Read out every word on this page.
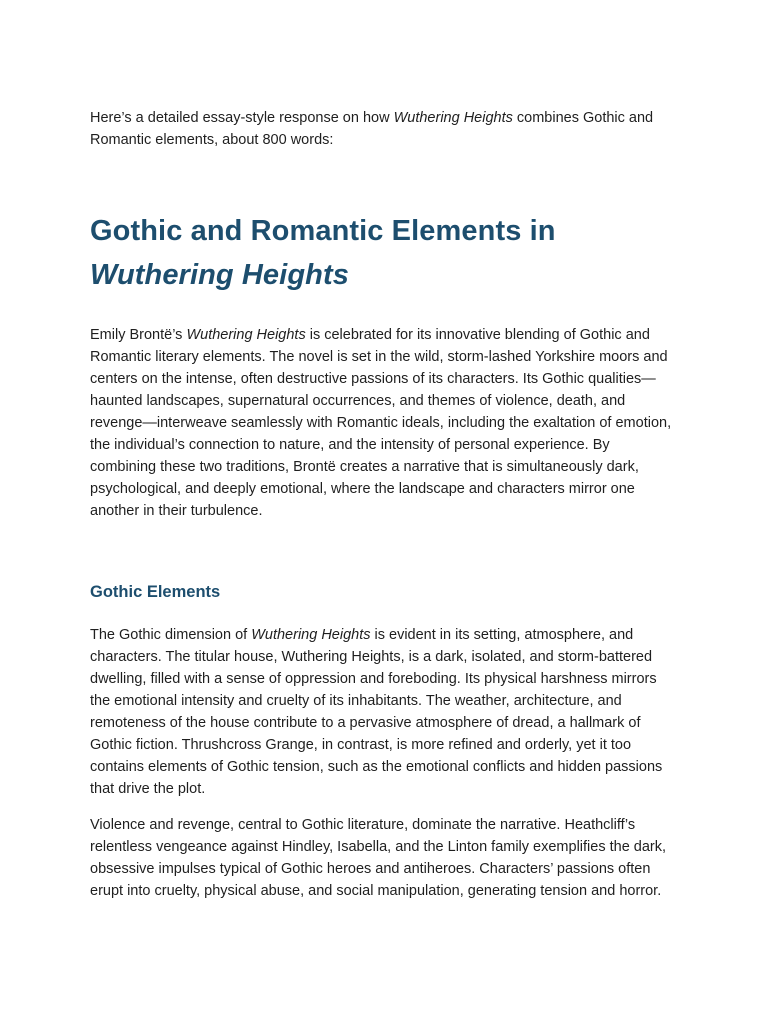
Here’s a detailed essay-style response on how Wuthering Heights combines Gothic and Romantic elements, about 800 words:

Gothic and Romantic Elements in
Wuthering Heights

Emily Brontë’s Wuthering Heights is celebrated for its innovative blending of Gothic and Romantic literary elements. The novel is set in the wild, storm-lashed Yorkshire moors and centers on the intense, often destructive passions of its characters. Its Gothic qualities—haunted landscapes, supernatural occurrences, and themes of violence, death, and revenge—interweave seamlessly with Romantic ideals, including the exaltation of emotion, the individual’s connection to nature, and the intensity of personal experience. By combining these two traditions, Brontë creates a narrative that is simultaneously dark, psychological, and deeply emotional, where the landscape and characters mirror one another in their turbulence.

Gothic Elements

The Gothic dimension of Wuthering Heights is evident in its setting, atmosphere, and characters. The titular house, Wuthering Heights, is a dark, isolated, and storm-battered dwelling, filled with a sense of oppression and foreboding. Its physical harshness mirrors the emotional intensity and cruelty of its inhabitants. The weather, architecture, and remoteness of the house contribute to a pervasive atmosphere of dread, a hallmark of Gothic fiction. Thrushcross Grange, in contrast, is more refined and orderly, yet it too contains elements of Gothic tension, such as the emotional conflicts and hidden passions that drive the plot.

Violence and revenge, central to Gothic literature, dominate the narrative. Heathcliff’s relentless vengeance against Hindley, Isabella, and the Linton family exemplifies the dark, obsessive impulses typical of Gothic heroes and antiheroes. Characters’ passions often erupt into cruelty, physical abuse, and social manipulation, generating tension and horror.
